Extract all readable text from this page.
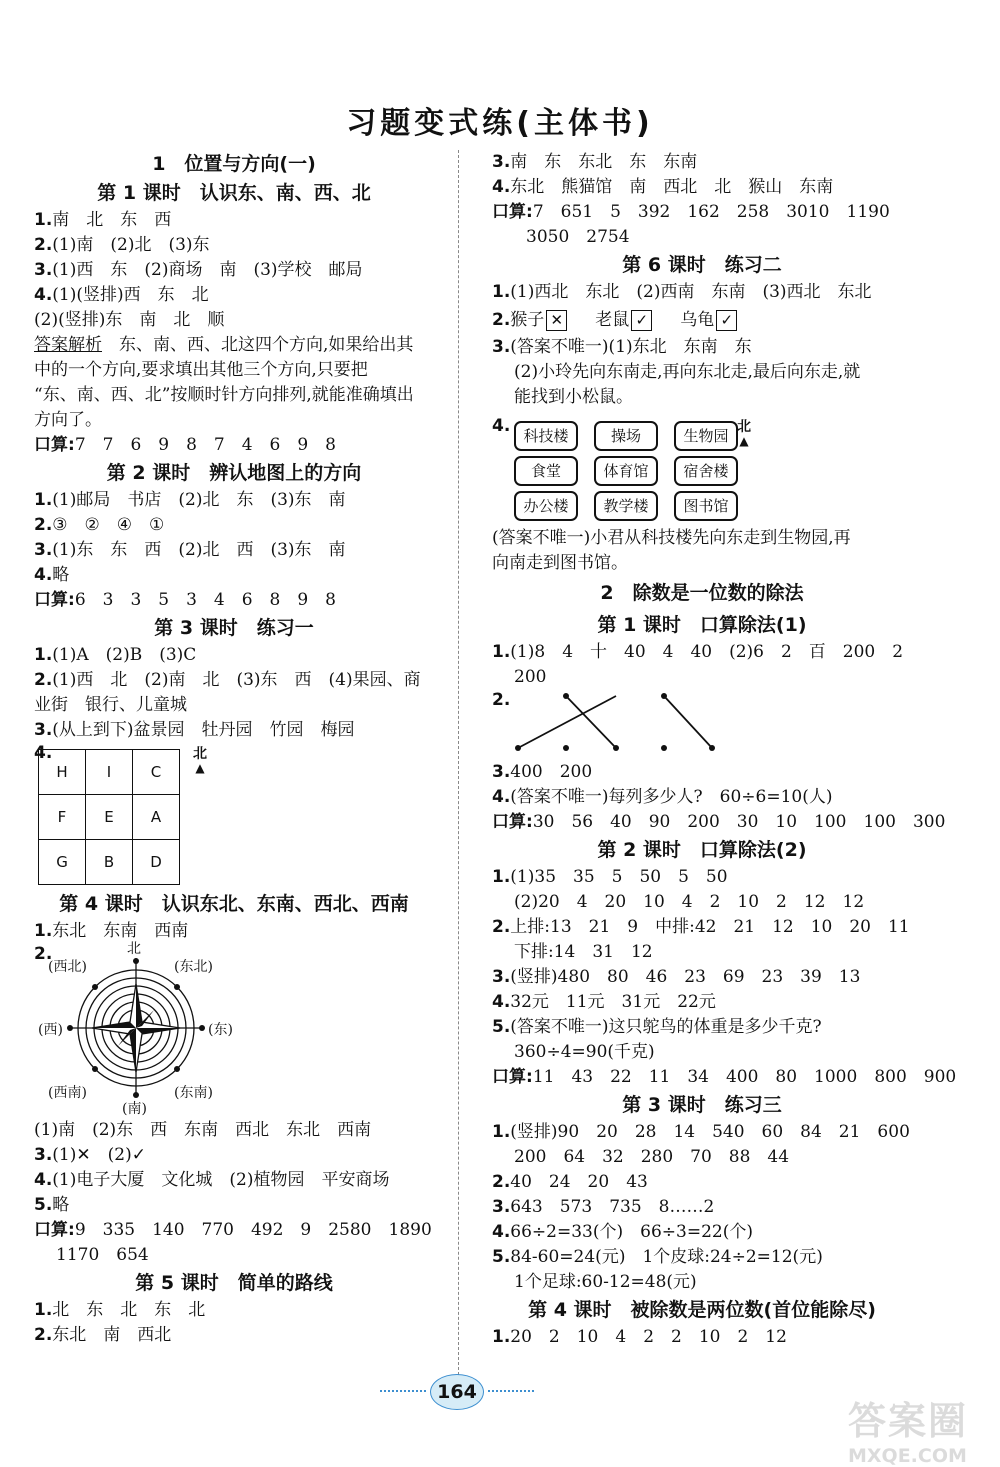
习题变式练(主体书)
1　位置与方向(一)
第 1 课时　认识东、南、西、北
1.南　北　东　西
2.(1)南　(2)北　(3)东
3.(1)西　东　(2)商场　南　(3)学校　邮局
4.(1)(竖排)西　东　北
(2)(竖排)东　南　北　顺
答案解析　 东、南、西、北这四个方向,如果给出其
中的一个方向,要求填出其他三个方向,只要把
“东、南、西、北”按顺时针方向排列,就能准确填出
方向了。
口算:7　7　6　9　8　7　4　6　9　8
第 2 课时　辨认地图上的方向
1.(1)邮局　书店　(2)北　东　(3)东　南
2.③　②　④　①
3.(1)东　东　西　(2)北　西　(3)东　南
4.略
口算:6　3　3　5　3　4　6　8　9　8
第 3 课时　练习一
1.(1)A　(2)B　(3)C
2.(1)西　北　(2)南　北　(3)东　西　(4)果园、商
业街　银行、儿童城
3.(从上到下)盆景园　牡丹园　竹园　梅园
4.
H	I	C
F	E	A
G	B	D
北
▲
第 4 课时　认识东北、东南、西北、西南
1.东北　东南　西南
2.	北
(西北)	(东北)
(西)	(东)
(西南)	(东南)
(南)
(1)南　(2)东　西　东南　西北　东北　西南
3.(1)✕　(2)✓
4.(1)电子大厦　文化城　(2)植物园　平安商场
5.略
口算:9　335　140　770　492　9　2580　1890
1170　654
第 5 课时　简单的路线
1.北　东　北　东　北
2.东北　南　西北
3.南　东　东北　东　东南
4.东北　熊猫馆　南　西北　北　猴山　东南
口算:7　651　5　392　162　258　3010　1190
3050　2754
第 6 课时　练习二
1.(1)西北　东北　(2)西南　东南　(3)西北　东北
2.猴子 ✕ 老鼠 ✓ 乌龟 ✓
3.(答案不唯一)(1)东北　东南　东
(2)小玲先向东南走,再向东北走,最后向东走,就
能找到小松鼠。
4. 科技楼	操场	生物园
食堂	体育馆	宿舍楼
办公楼	教学楼	图书馆
北
▲
(答案不唯一)小君从科技楼先向东走到生物园,再
向南走到图书馆。
2　除数是一位数的除法
第 1 课时　口算除法(1)
1.(1)8　4　十　40　4　40　(2)6　2　百　200　2
200
2.
3.400　200
4.(答案不唯一)每列多少人?　60÷6=10(人)
口算:30　56　40　90　200　30　10　100　100　300
第 2 课时　口算除法(2)
1.(1)35　35　5　50　5　50
(2)20　4　20　10　4　2　10　2　12　12
2.上排:13　21　9　中排:42　21　12　10　20　11
下排:14　31　12
3.(竖排)480　80　46　23　69　23　39　13
4.32元　11元　31元　22元
5.(答案不唯一)这只鸵鸟的体重是多少千克?
360÷4=90(千克)
口算:11　43　22　11　34　400　80　1000　800　900
第 3 课时　练习三
1.(竖排)90　20　28　14　540　60　84　21　600
200　64　32　280　70　88　44
2.40　24　20　43
3.643　573　735　8……2
4.66÷2=33(个)　66÷3=22(个)
5.84-60=24(元)　1个皮球:24÷2=12(元)
1个足球:60-12=48(元)
第 4 课时　被除数是两位数(首位能除尽)
1.20　2　10　4　2　2　10　2　12
164
答案圈
MXQE.COM
